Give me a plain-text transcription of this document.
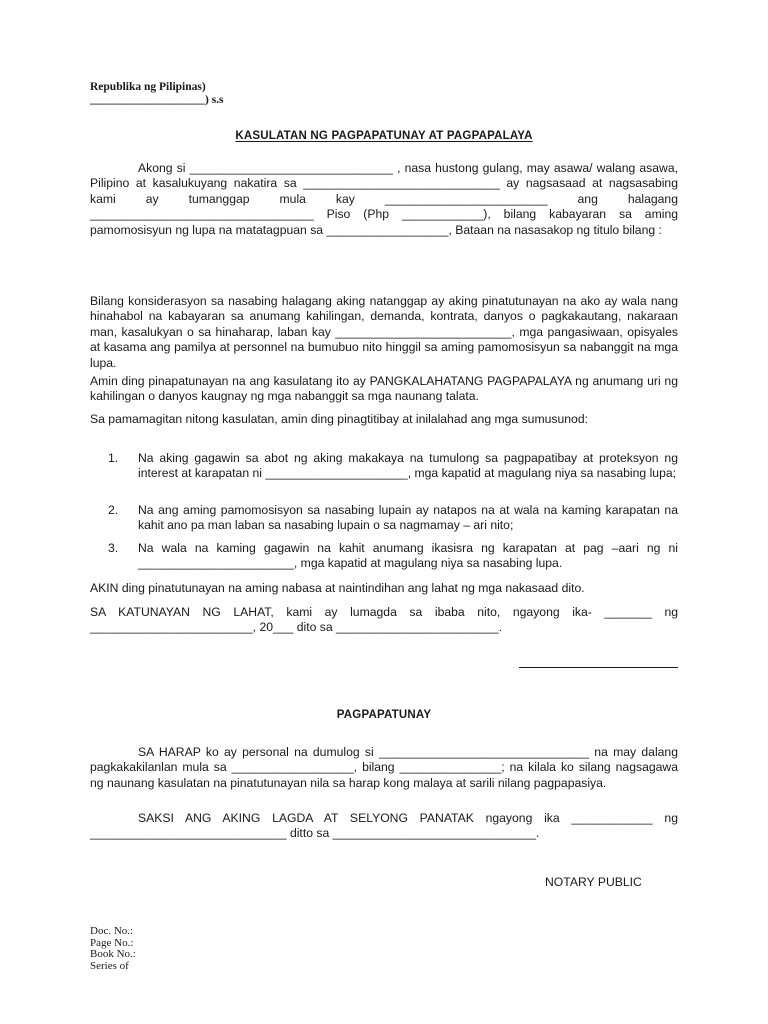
Republika ng Pilipinas)
____________________) s.s
KASULATAN NG PAGPAPATUNAY AT PAGPAPALAYA

Akong si ______________________________ , nasa hustong gulang, may asawa/ walang asawa, Pilipino at kasalukuyang nakatira sa _____________________________ ay nagsasaad at nagsasabing kami ay tumanggap mula kay ________________________ ang halagang _________________________________ Piso (Php ____________), bilang kabayaran sa aming pamomosisyun ng lupa na matatagpuan sa __________________, Bataan na nasasakop ng titulo bilang :

Bilang konsiderasyon sa nasabing halagang aking natanggap ay aking pinatutunayan na ako ay wala nang hinahabol na kabayaran sa anumang kahilingan, demanda, kontrata, danyos o pagkakautang, nakaraan man, kasalukyan o sa hinaharap, laban kay __________________________, mga pangasiwaan, opisyales at kasama ang pamilya at personnel na bumubuo nito hinggil sa aming pamomosisyun sa nabanggit na mga lupa.

Amin ding pinapatunayan na ang kasulatang ito ay PANGKALAHATANG PAGPAPALAYA ng anumang uri ng kahilingan o danyos kaugnay ng mga nabanggit sa mga naunang talata.

Sa pamamagitan nitong kasulatan, amin ding pinagtitibay at inilalahad ang mga sumusunod:

1.	Na aking gagawin sa abot ng aking makakaya na tumulong sa pagpapatibay at proteksyon ng interest at karapatan ni _____________________, mga kapatid at magulang niya sa nasabing lupa;
2.	Na ang aming pamomosisyon sa nasabing lupain ay natapos na at wala na kaming karapatan na kahit ano pa man laban sa nasabing lupain o sa nagmamay – ari nito;
3.	Na wala na kaming gagawin na kahit anumang ikasisra ng karapatan at pag –aari ng ni _______________________, mga kapatid at magulang niya sa nasabing lupa.

AKIN ding pinatutunayan na aming nabasa at naintindihan ang lahat ng mga nakasaad dito.

SA KATUNAYAN NG LAHAT, kami ay lumagda sa ibaba nito, ngayong ika- _______ ng ________________________, 20___ dito sa ________________________.

PAGPAPATUNAY

SA HARAP ko ay personal na dumulog si _______________________________ na may dalang pagkakakilanlan mula sa __________________, bilang _______________; na kilala ko silang nagsagawa ng naunang kasulatan na pinatutunayan nila sa harap kong malaya at sarili nilang pagpapasiya.

SAKSI ANG AKING LAGDA AT SELYONG PANATAK ngayong ika ____________ ng _____________________________ ditto sa ______________________________.

NOTARY PUBLIC
Doc. No.:
Page No.:
Book No.:
Series of
